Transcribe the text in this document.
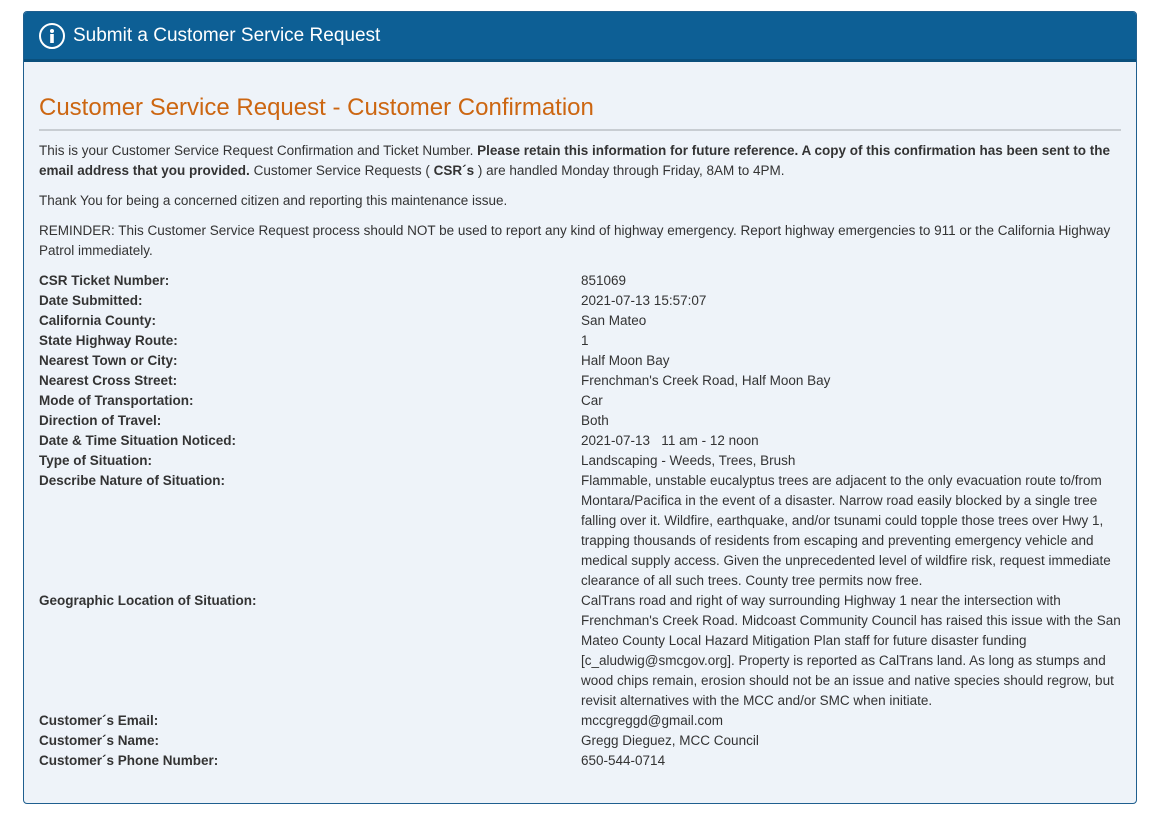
Submit a Customer Service Request
Customer Service Request - Customer Confirmation

This is your Customer Service Request Confirmation and Ticket Number. Please retain this information for future reference. A copy of this confirmation has been sent to the email address that you provided. Customer Service Requests ( CSR´s ) are handled Monday through Friday, 8AM to 4PM.

Thank You for being a concerned citizen and reporting this maintenance issue.

REMINDER: This Customer Service Request process should NOT be used to report any kind of highway emergency. Report highway emergencies to 911 or the California Highway Patrol immediately.

CSR Ticket Number:	851069
Date Submitted:	2021-07-13 15:57:07
California County:	San Mateo
State Highway Route:	1
Nearest Town or City:	Half Moon Bay
Nearest Cross Street:	Frenchman's Creek Road, Half Moon Bay
Mode of Transportation:	Car
Direction of Travel:	Both
Date & Time Situation Noticed:	2021-07-13   11 am - 12 noon
Type of Situation:	Landscaping - Weeds, Trees, Brush
Describe Nature of Situation:	Flammable, unstable eucalyptus trees are adjacent to the only evacuation route to/from Montara/Pacifica in the event of a disaster. Narrow road easily blocked by a single tree falling over it. Wildfire, earthquake, and/or tsunami could topple those trees over Hwy 1, trapping thousands of residents from escaping and preventing emergency vehicle and medical supply access. Given the unprecedented level of wildfire risk, request immediate clearance of all such trees. County tree permits now free.
Geographic Location of Situation:	CalTrans road and right of way surrounding Highway 1 near the intersection with Frenchman's Creek Road. Midcoast Community Council has raised this issue with the San Mateo County Local Hazard Mitigation Plan staff for future disaster funding [c_aludwig@smcgov.org]. Property is reported as CalTrans land. As long as stumps and wood chips remain, erosion should not be an issue and native species should regrow, but revisit alternatives with the MCC and/or SMC when initiate.
Customer´s Email:	mccgreggd@gmail.com
Customer´s Name:	Gregg Dieguez, MCC Council
Customer´s Phone Number:	650-544-0714
